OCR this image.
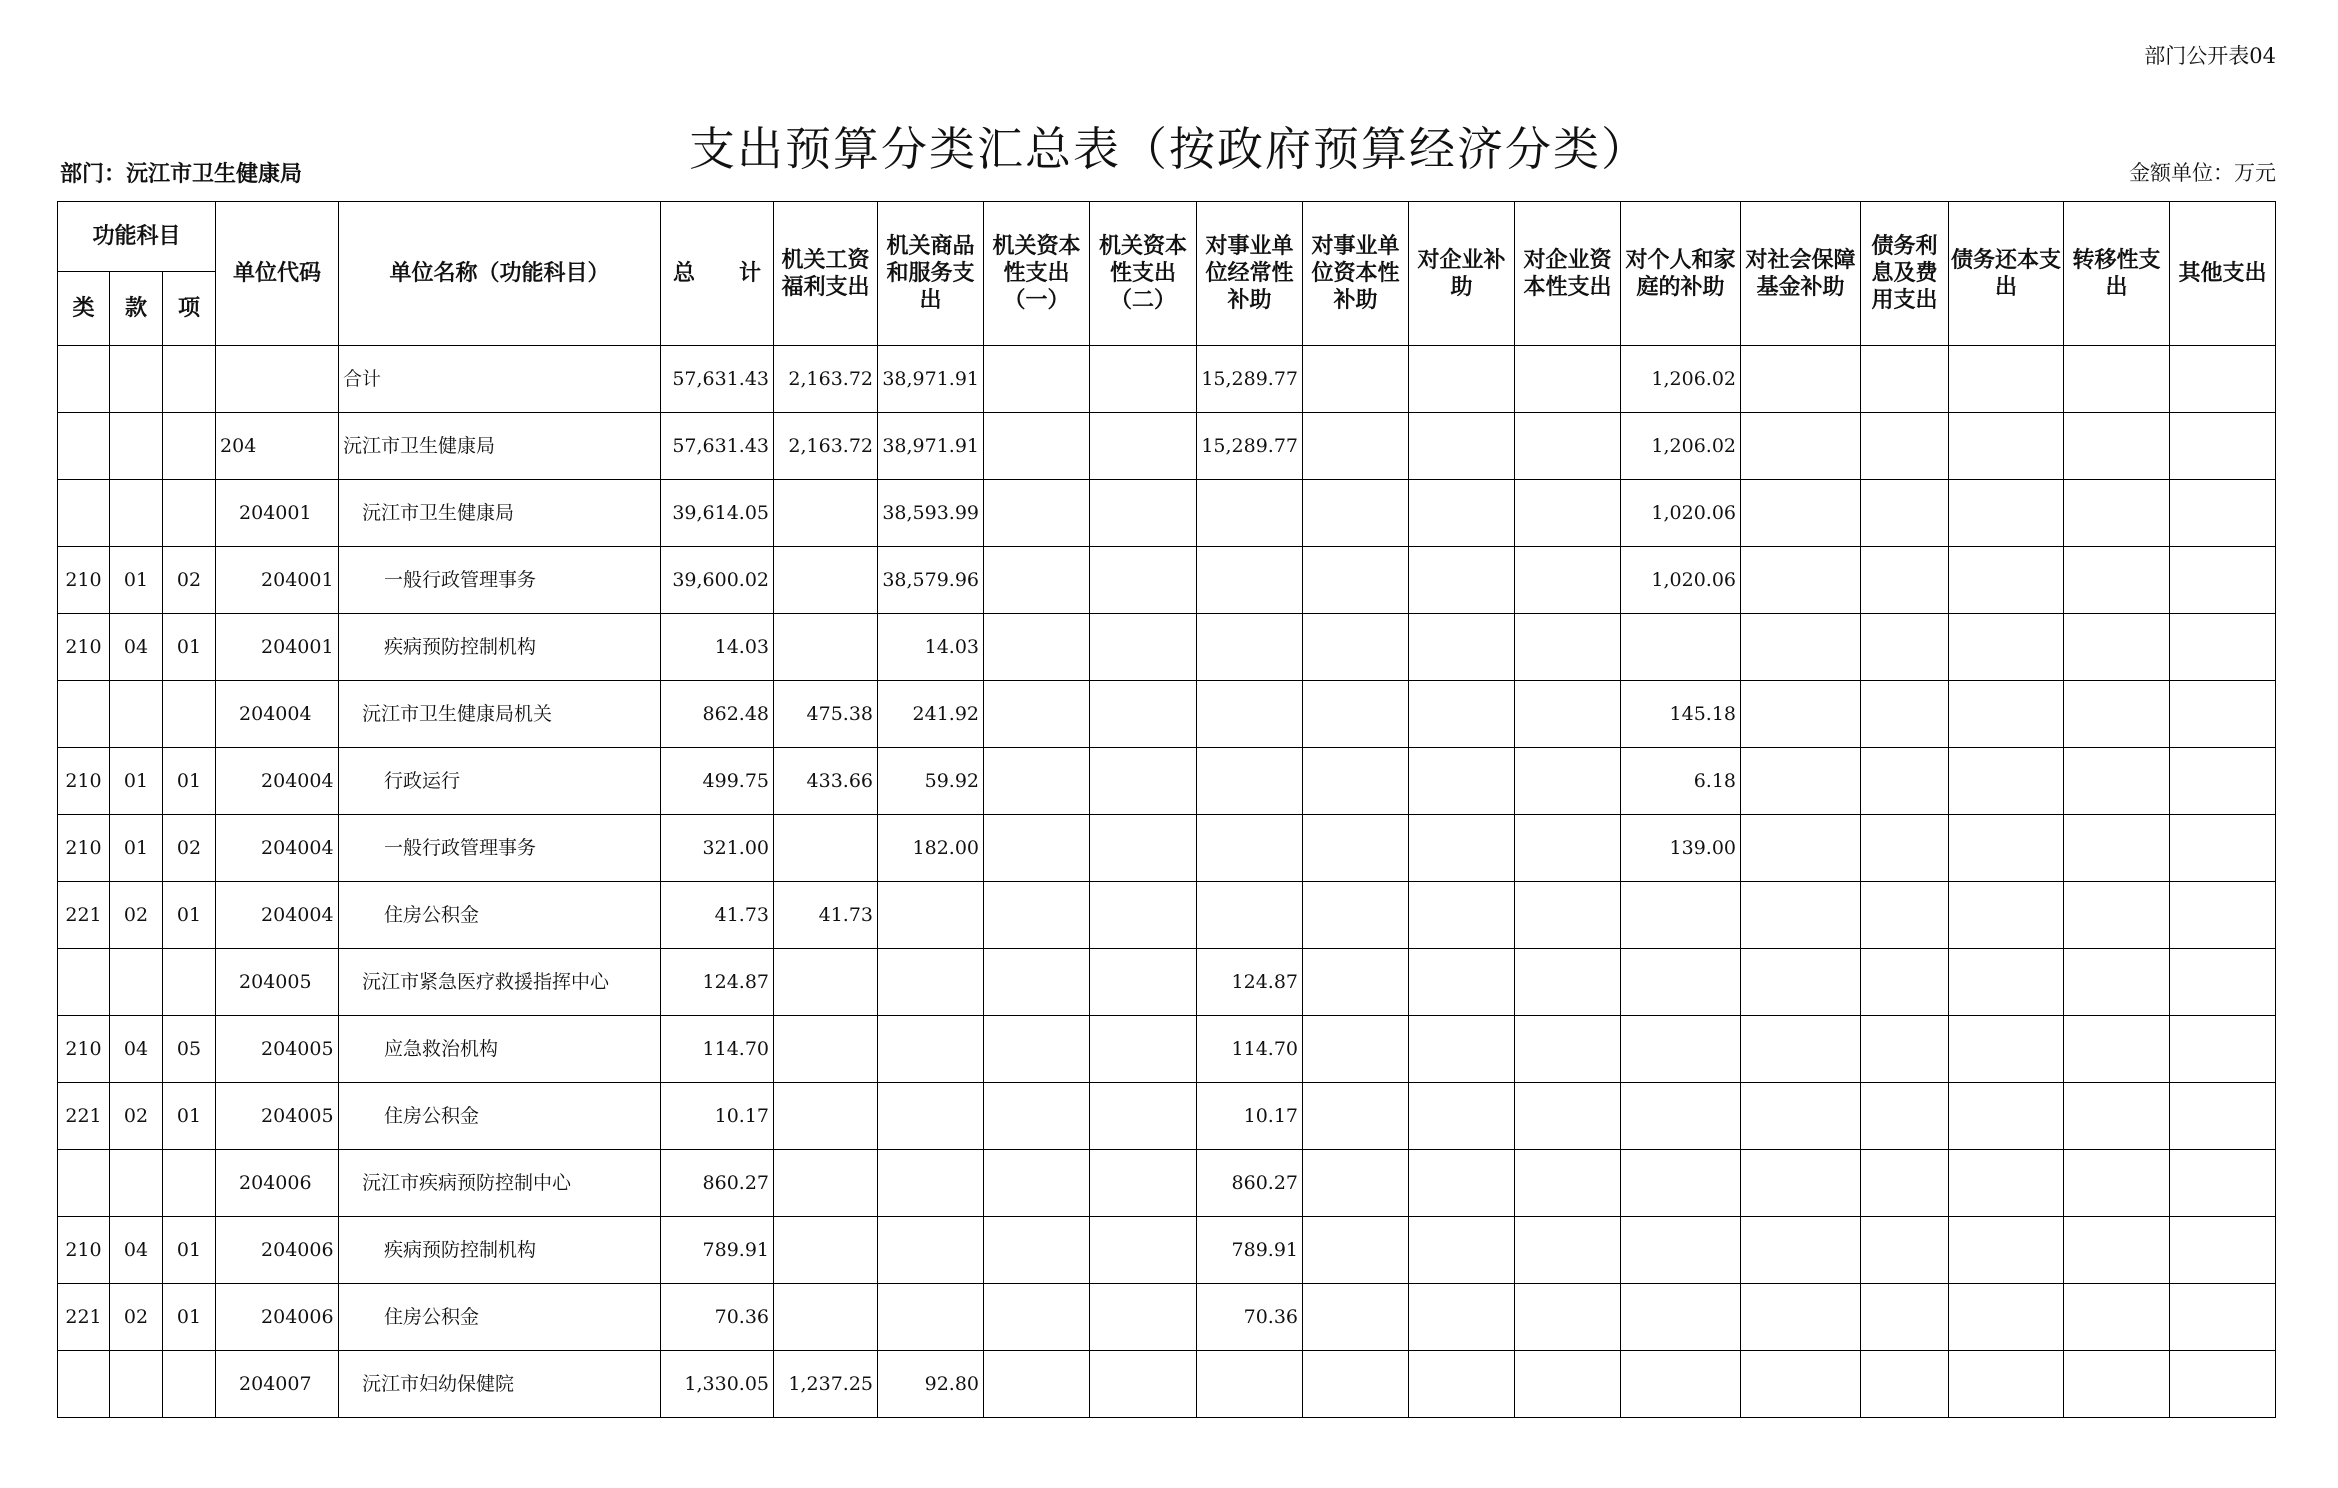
部门公开表04
支出预算分类汇总表（按政府预算经济分类）
部门：沅江市卫生健康局	金额单位：万元
功能科目			单位代码	单位名称（功能科目）	总　　计	机关工资福利支出	机关商品和服务支出	机关资本性支出（一）	机关资本性支出（二）	对事业单位经常性补助	对事业单位资本性补助	对企业补助	对企业资本性支出	对个人和家庭的补助	对社会保障基金补助	债务利息及费用支出	债务还本支出	转移性支出	其他支出
类	款	项																	
				合计	57,631.43	2,163.72	38,971.91			15,289.77				1,206.02					
			204	沅江市卫生健康局	57,631.43	2,163.72	38,971.91			15,289.77				1,206.02					
			204001	沅江市卫生健康局	39,614.05		38,593.99							1,020.06					
210	01	02	204001	一般行政管理事务	39,600.02		38,579.96							1,020.06					
210	04	01	204001	疾病预防控制机构	14.03		14.03												
			204004	沅江市卫生健康局机关	862.48	475.38	241.92							145.18					
210	01	01	204004	行政运行	499.75	433.66	59.92							6.18					
210	01	02	204004	一般行政管理事务	321.00		182.00							139.00					
221	02	01	204004	住房公积金	41.73	41.73													
			204005	沅江市紧急医疗救援指挥中心	124.87					124.87									
210	04	05	204005	应急救治机构	114.70					114.70									
221	02	01	204005	住房公积金	10.17					10.17									
			204006	沅江市疾病预防控制中心	860.27					860.27									
210	04	01	204006	疾病预防控制机构	789.91					789.91									
221	02	01	204006	住房公积金	70.36					70.36									
			204007	沅江市妇幼保健院	1,330.05	1,237.25	92.80												
